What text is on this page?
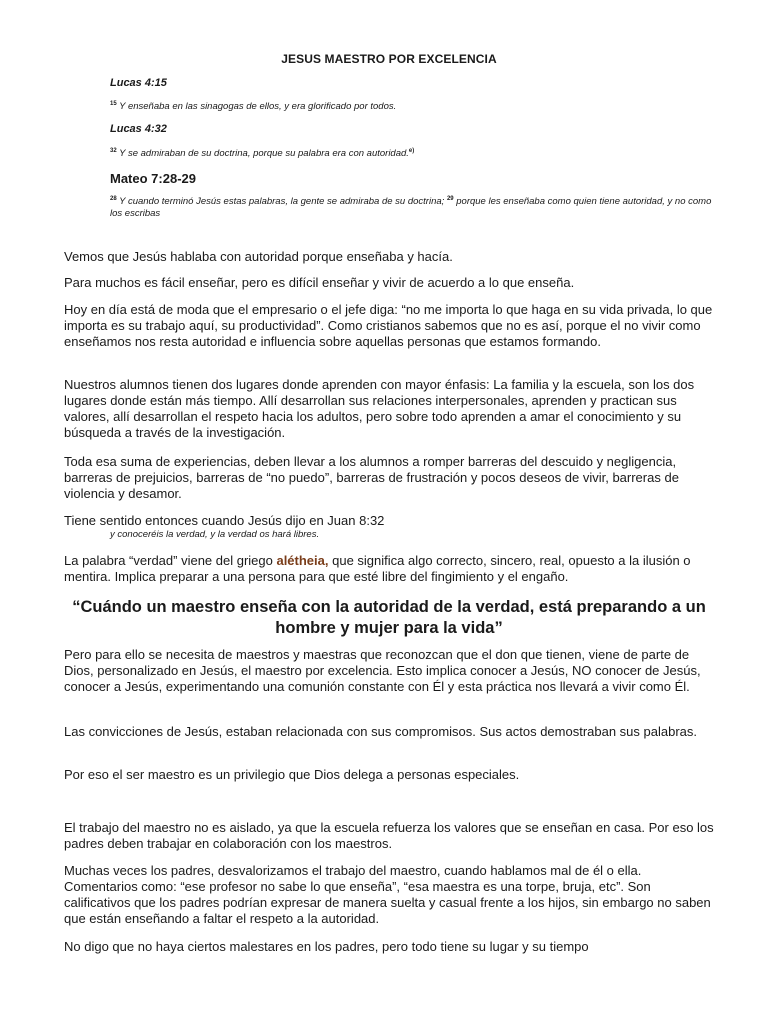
JESUS MAESTRO POR EXCELENCIA

Lucas 4:15

$^{15}$ Y enseñaba en las sinagogas de ellos, y era glorificado por todos.

Lucas 4:32

$^{32}$ Y se admiraban de su doctrina, porque su palabra era con autoridad.$^{e)}$

Mateo 7:28-29

$^{28}$ Y cuando terminó Jesús estas palabras, la gente se admiraba de su doctrina; $^{29}$ porque les enseñaba como quien tiene autoridad, y no como los escribas

Vemos que Jesús hablaba con autoridad porque enseñaba y hacía.

Para muchos es fácil enseñar, pero es difícil enseñar y vivir de acuerdo a lo que enseña.

Hoy en día está de moda que el empresario o el jefe diga: “no me importa lo que haga en su vida privada, lo que importa es su trabajo aquí, su productividad”. Como cristianos sabemos que no es así, porque el no vivir como enseñamos nos resta autoridad e influencia sobre aquellas personas que estamos formando.

Nuestros alumnos tienen dos lugares donde aprenden con mayor énfasis: La familia y la escuela, son los dos lugares donde están más tiempo. Allí desarrollan sus relaciones interpersonales, aprenden y practican sus valores, allí desarrollan el respeto hacia los adultos, pero sobre todo aprenden a amar el conocimiento y su búsqueda a través de la investigación.

Toda esa suma de experiencias, deben llevar a los alumnos a romper barreras del descuido y negligencia, barreras de prejuicios, barreras de “no puedo”, barreras de frustración y pocos deseos de vivir, barreras de violencia y desamor.

Tiene sentido entonces cuando Jesús dijo en Juan 8:32

y conoceréis la verdad, y la verdad os hará libres.

La palabra “verdad” viene del griego alétheia, que significa algo correcto, sincero, real, opuesto a la ilusión o mentira. Implica preparar a una persona para que esté libre del fingimiento y el engaño.

“Cuándo un maestro enseña con la autoridad de la verdad, está preparando a un hombre y mujer para la vida”

Pero para ello se necesita de maestros y maestras que reconozcan que el don que tienen, viene de parte de Dios, personalizado en Jesús, el maestro por excelencia. Esto implica conocer a Jesús, NO conocer de Jesús, conocer a Jesús, experimentando una comunión constante con Él y esta práctica nos llevará a vivir como Él.

Las convicciones de Jesús, estaban relacionada con sus compromisos. Sus actos demostraban sus palabras.

Por eso el ser maestro es un privilegio que Dios delega a personas especiales.

El trabajo del maestro no es aislado, ya que la escuela refuerza los valores que se enseñan en casa. Por eso los padres deben trabajar en colaboración con los maestros.

Muchas veces los padres, desvalorizamos el trabajo del maestro, cuando hablamos mal de él o ella. Comentarios como: “ese profesor no sabe lo que enseña”, “esa maestra es una torpe, bruja, etc”. Son calificativos que los padres podrían expresar de manera suelta y casual frente a los hijos, sin embargo no saben que están enseñando a faltar el respeto a la autoridad.

No digo que no haya ciertos malestares en los padres, pero todo tiene su lugar y su tiempo
